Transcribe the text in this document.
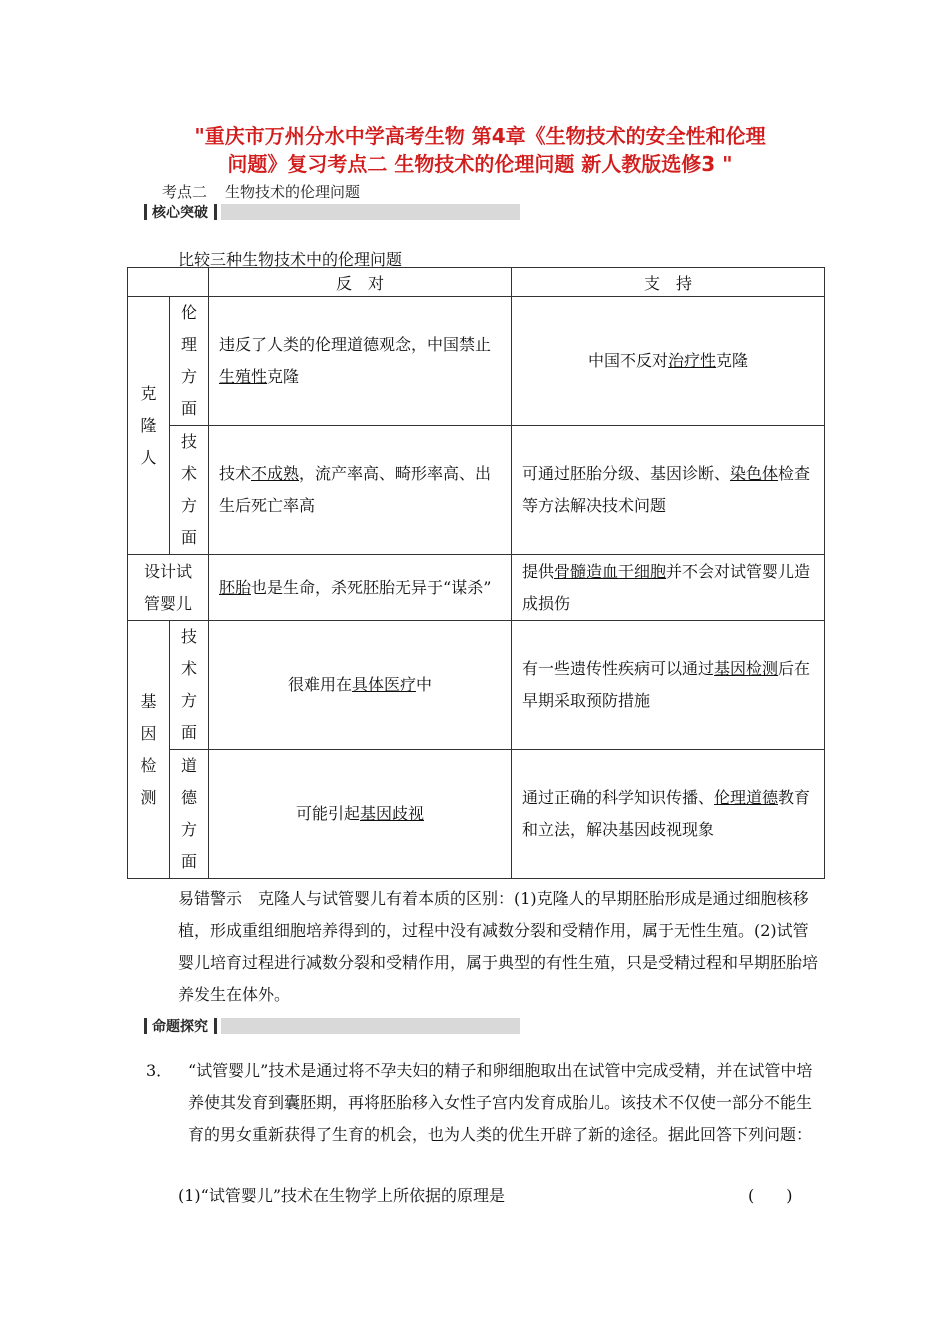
"重庆市万州分水中学高考生物 第4章《生物技术的安全性和伦理
问题》复习考点二 生物技术的伦理问题 新人教版选修3 "
考点二 生物技术的伦理问题
核心突破
比较三种生物技术中的伦理问题
		反　对	支　持

克隆人	伦理方面	违反了人类的伦理道德观念，中国禁止生殖性克隆	中国不反对治疗性克隆

技术方面	技术不成熟，流产率高、畸形率高、出生后死亡率高	可通过胚胎分级、基因诊断、染色体检查等方法解决技术问题

设计试管婴儿		胚胎也是生命，杀死胚胎无异于“谋杀”	提供骨髓造血干细胞并不会对试管婴儿造成损伤

基因检测	技术方面	很难用在具体医疗中	有一些遗传性疾病可以通过基因检测后在早期采取预防措施

道德方面	可能引起基因歧视	通过正确的科学知识传播、伦理道德教育和立法，解决基因歧视现象
易错警示　克隆人与试管婴儿有着本质的区别：(1)克隆人的早期胚胎形成是通过细胞核移植，形成重组细胞培养得到的，过程中没有减数分裂和受精作用，属于无性生殖。(2)试管婴儿培育过程进行减数分裂和受精作用，属于典型的有性生殖，只是受精过程和早期胚胎培养发生在体外。
命题探究
3． “试管婴儿”技术是通过将不孕夫妇的精子和卵细胞取出在试管中完成受精，并在试管中培养使其发育到囊胚期，再将胚胎移入女性子宫内发育成胎儿。该技术不仅使一部分不能生育的男女重新获得了生育的机会，也为人类的优生开辟了新的途径。据此回答下列问题：
(1)“试管婴儿”技术在生物学上所依据的原理是	(　　)
